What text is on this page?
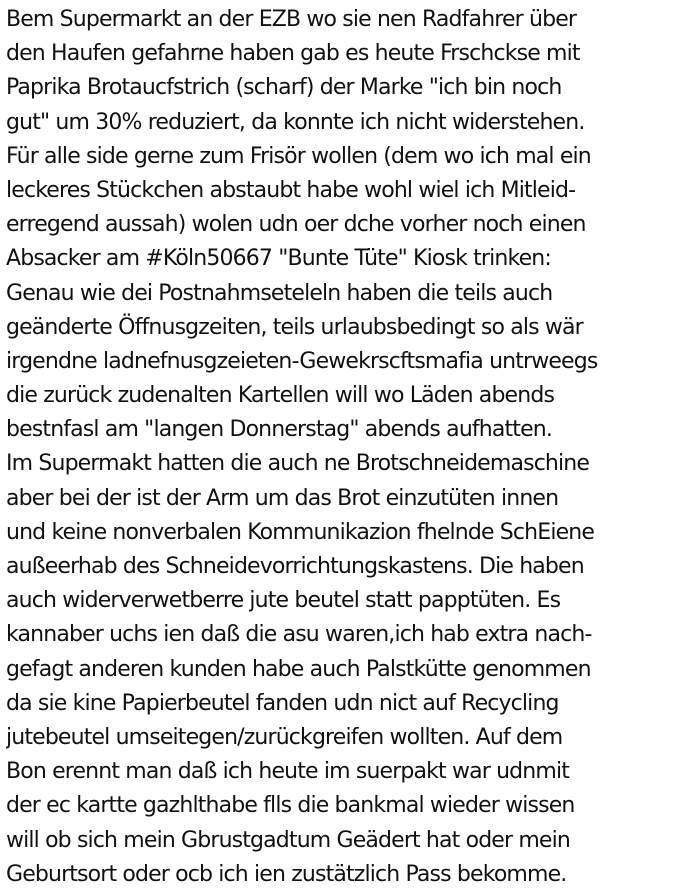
Bem Supermarkt an der EZB wo sie nen Radfahrer über
den Haufen gefahrne haben gab es heute Frschckse mit
Paprika Brotaucfstrich (scharf) der Marke "ich bin noch
gut" um 30% reduziert, da konnte ich nicht widerstehen.
Für alle side gerne zum Frisör wollen (dem wo ich mal ein
leckeres Stückchen abstaubt habe wohl wiel ich Mitleid-
erregend aussah) wolen udn oer dche vorher noch einen
Absacker am #Köln50667 "Bunte Tüte" Kiosk trinken:
Genau wie dei Postnahmseteleln haben die teils auch
geänderte Öffnusgzeiten, teils urlaubsbedingt so als wär
irgendne ladnefnusgzeieten-Gewekrscftsmafia untrweegs
die zurück zudenalten Kartellen will wo Läden abends
bestnfasl am "langen Donnerstag" abends aufhatten.
Im Supermakt hatten die auch ne Brotschneidemaschine
aber bei der ist der Arm um das Brot einzutüten innen
und keine nonverbalen Kommunikazion fhelnde SchEiene
außeerhab des Schneidevorrichtungskastens. Die haben
auch widerverwetberre jute beutel statt papptüten. Es
kannaber uchs ien daß die asu waren,ich hab extra nach-
gefagt anderen kunden habe auch Palstkütte genommen
da sie kine Papierbeutel fanden udn nict auf Recycling
jutebeutel umseitegen/zurückgreifen wollten. Auf dem
Bon erennt man daß ich heute im suerpakt war udnmit
der ec kartte gazhlthabe flls die bankmal wieder wissen
will ob sich mein Gbrustgadtum Geädert hat oder mein
Geburtsort oder ocb ich ien zustätzlich Pass bekomme.
